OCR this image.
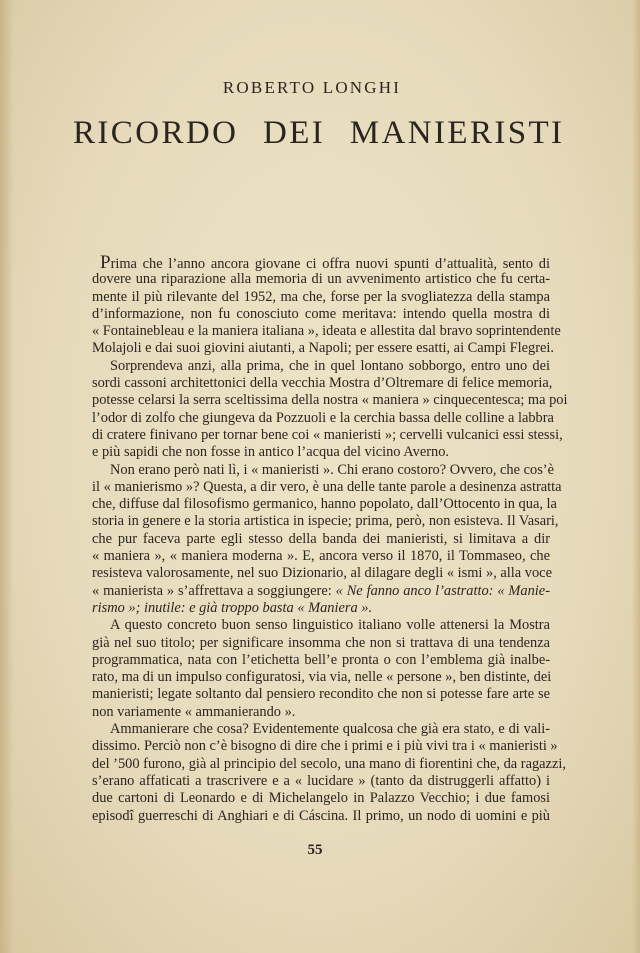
ROBERTO LONGHI
RICORDO DEI MANIERISTI
Prima che l’anno ancora giovane ci offra nuovi spunti d’attualità, sento di
dovere una riparazione alla memoria di un avvenimento artistico che fu certa-
mente il più rilevante del 1952, ma che, forse per la svogliatezza della stampa
d’informazione, non fu conosciuto come meritava: intendo quella mostra di
« Fontainebleau e la maniera italiana », ideata e allestita dal bravo soprintendente
Molajoli e dai suoi giovini aiutanti, a Napoli; per essere esatti, ai Campi Flegrei.
Sorprendeva anzi, alla prima, che in quel lontano sobborgo, entro uno dei
sordi cassoni architettonici della vecchia Mostra d’Oltremare di felice memoria,
potesse celarsi la serra sceltissima della nostra « maniera » cinquecentesca; ma poi
l’odor di zolfo che giungeva da Pozzuoli e la cerchia bassa delle colline a labbra
di cratere finivano per tornar bene coi « manieristi »; cervelli vulcanici essi stessi,
e più sapidi che non fosse in antico l’acqua del vicino Averno.
Non erano però nati lì, i « manieristi ». Chi erano costoro? Ovvero, che cos’è
il « manierismo »? Questa, a dir vero, è una delle tante parole a desinenza astratta
che, diffuse dal filosofismo germanico, hanno popolato, dall’Ottocento in qua, la
storia in genere e la storia artistica in ispecie; prima, però, non esisteva. Il Vasari,
che pur faceva parte egli stesso della banda dei manieristi, si limitava a dir
« maniera », « maniera moderna ». E, ancora verso il 1870, il Tommaseo, che
resisteva valorosamente, nel suo Dizionario, al dilagare degli « ismi », alla voce
« manierista » s’affrettava a soggiungere: « Ne fanno anco l’astratto: « Manie-
rismo »; inutile: e già troppo basta « Maniera ».
A questo concreto buon senso linguistico italiano volle attenersi la Mostra
già nel suo titolo; per significare insomma che non si trattava di una tendenza
programmatica, nata con l’etichetta bell’e pronta o con l’emblema già inalbe-
rato, ma di un impulso configuratosi, via via, nelle « persone », ben distinte, dei
manieristi; legate soltanto dal pensiero recondito che non si potesse fare arte se
non variamente « ammanierando ».
Ammanierare che cosa? Evidentemente qualcosa che già era stato, e di vali-
dissimo. Perciò non c’è bisogno di dire che i primi e i più vivi tra i « manieristi »
del ’500 furono, già al principio del secolo, una mano di fiorentini che, da ragazzi,
s’erano affaticati a trascrivere e a « lucidare » (tanto da distruggerli affatto) i
due cartoni di Leonardo e di Michelangelo in Palazzo Vecchio; i due famosi
episodî guerreschi di Anghiari e di Cáscina. Il primo, un nodo di uomini e più
55
